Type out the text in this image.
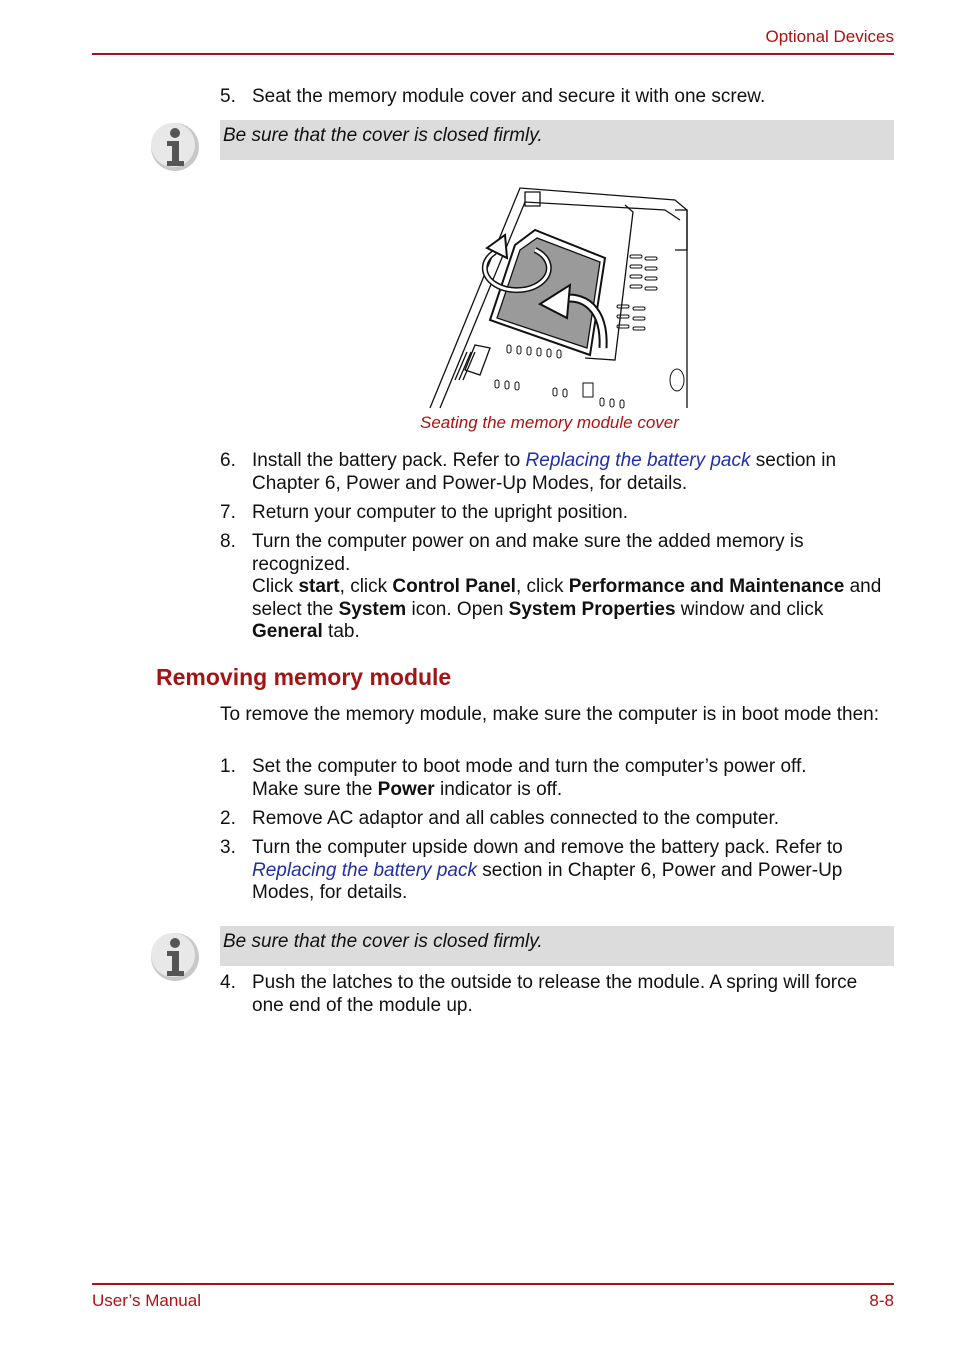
Optional Devices
5. Seat the memory module cover and secure it with one screw.
Be sure that the cover is closed firmly.
Seating the memory module cover
6. Install the battery pack. Refer to Replacing the battery pack section in Chapter 6, Power and Power-Up Modes, for details.
7. Return your computer to the upright position.
8. Turn the computer power on and make sure the added memory is recognized.
Click start, click Control Panel, click Performance and Maintenance and select the System icon. Open System Properties window and click General tab.
Removing memory module
To remove the memory module, make sure the computer is in boot mode then:
1. Set the computer to boot mode and turn the computer’s power off.
Make sure the Power indicator is off.
2. Remove AC adaptor and all cables connected to the computer.
3. Turn the computer upside down and remove the battery pack. Refer to Replacing the battery pack section in Chapter 6, Power and Power-Up Modes, for details.
Be sure that the cover is closed firmly.
4. Push the latches to the outside to release the module. A spring will force one end of the module up.
User’s Manual	8-8
